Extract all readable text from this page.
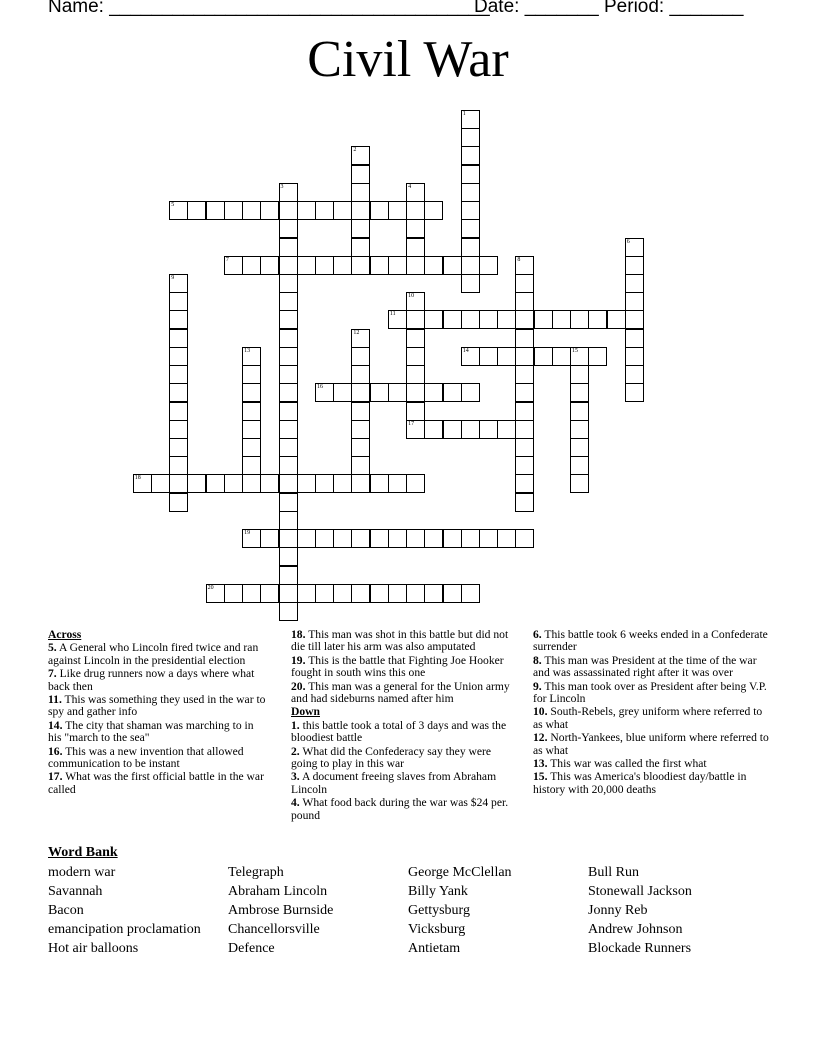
Name: ____________________________________
Date: _______ Period: _______
Civil War
5
7
11
14	15
16
17
18
19
20
1
2
3	4
6
8
9
10
12
13
Across
5. A General who Lincoln fired twice and ran against Lincoln in the presidential election
7. Like drug runners now a days where what back then
11. This was something they used in the war to spy and gather info
14. The city that shaman was marching to in his "march to the sea"
16. This was a new invention that allowed communication to be instant
17. What was the first official battle in the war called
18. This man was shot in this battle but did not die till later his arm was also amputated
19. This is the battle that Fighting Joe Hooker fought in south wins this one
20. This man was a general for the Union army and had sideburns named after him
Down
1. this battle took a total of 3 days and was the bloodiest battle
2. What did the Confederacy say they were going to play in this war
3. A document freeing slaves from Abraham Lincoln
4. What food back during the war was $24 per. pound
6. This battle took 6 weeks ended in a Confederate surrender
8. This man was President at the time of the war and was assassinated right after it was over
9. This man took over as President after being V.P. for Lincoln
10. South-Rebels, grey uniform where referred to as what
12. North-Yankees, blue uniform where referred to as what
13. This war was called the first what
15. This was America's bloodiest day/battle in history with 20,000 deaths
Word Bank
modern war
Savannah
Bacon
emancipation proclamation
Hot air balloons
Telegraph
Abraham Lincoln
Ambrose Burnside
Chancellorsville
Defence
George McClellan
Billy Yank
Gettysburg
Vicksburg
Antietam
Bull Run
Stonewall Jackson
Jonny Reb
Andrew Johnson
Blockade Runners
